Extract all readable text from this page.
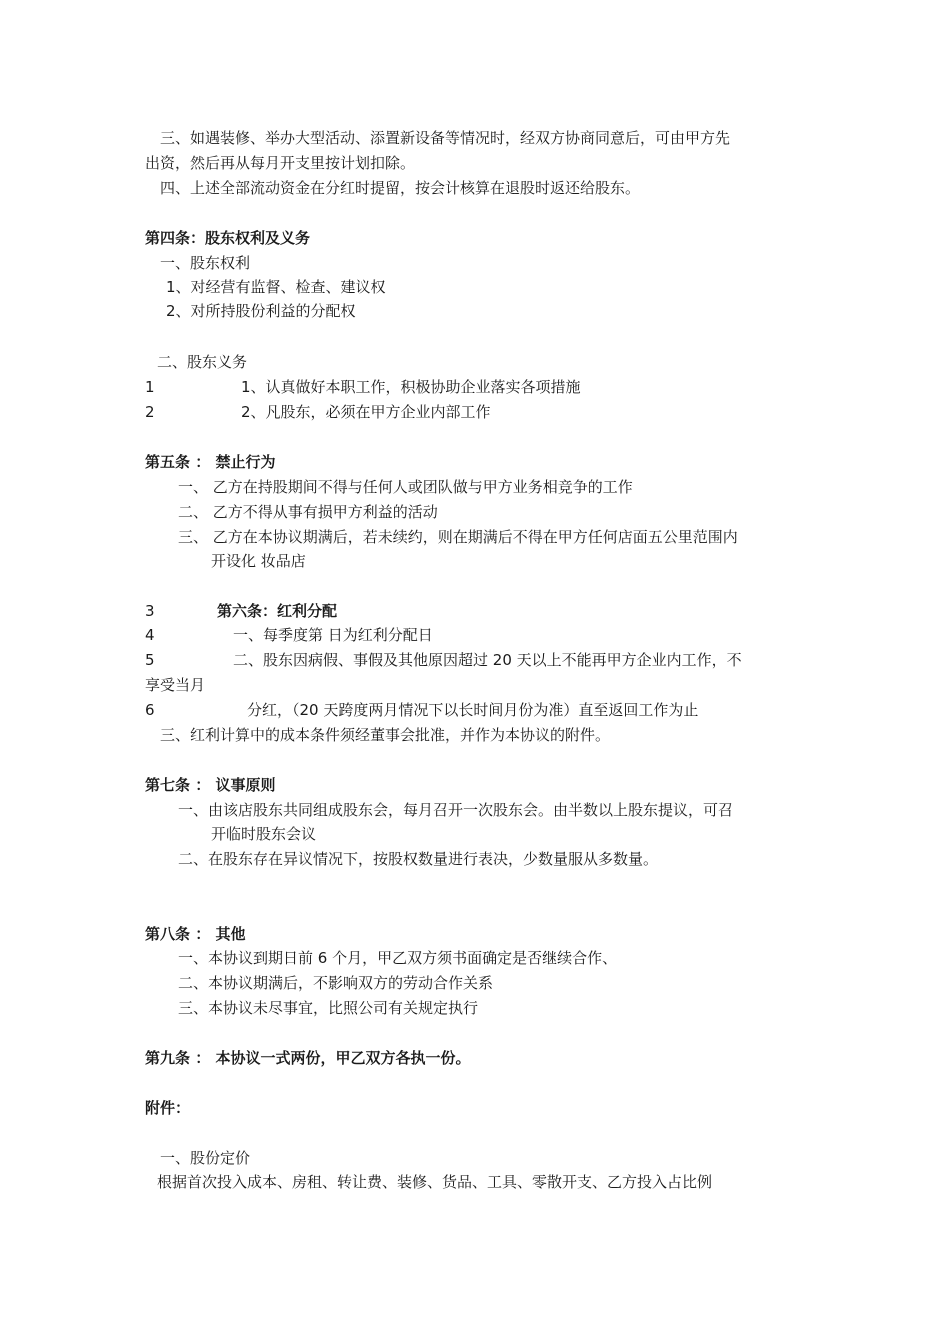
三、如遇装修、举办大型活动、添置新设备等情况时，经双方协商同意后，可由甲方先
出资，然后再从每月开支里按计划扣除。
四、上述全部流动资金在分红时提留，按会计核算在退股时返还给股东。
第四条：股东权利及义务
一、股东权利
1、对经营有监督、检查、建议权
2、对所持股份利益的分配权
二、股东义务
1	1、认真做好本职工作，积极协助企业落实各项措施
2	2、凡股东，必须在甲方企业内部工作
第五条 ： 禁止行为
一、 乙方在持股期间不得与任何人或团队做与甲方业务相竞争的工作
二、 乙方不得从事有损甲方利益的活动
三、 乙方在本协议期满后，若未续约，则在期满后不得在甲方任何店面五公里范围内
开设化 妆品店
3	第六条：红利分配
4	一、每季度第 日为红利分配日
5	二、股东因病假、事假及其他原因超过 20 天以上不能再甲方企业内工作，不
享受当月
6	分红，（20 天跨度两月情况下以长时间月份为准）直至返回工作为止
三、红利计算中的成本条件须经董事会批准，并作为本协议的附件。
第七条 ： 议事原则
一、由该店股东共同组成股东会，每月召开一次股东会。由半数以上股东提议，可召
开临时股东会议
二、在股东存在异议情况下，按股权数量进行表决，少数量服从多数量。
第八条 ： 其他
一、本协议到期日前 6 个月，甲乙双方须书面确定是否继续合作、
二、本协议期满后，不影响双方的劳动合作关系
三、本协议未尽事宜，比照公司有关规定执行
第九条 ： 本协议一式两份，甲乙双方各执一份。
附件：
一、股份定价
根据首次投入成本、房租、转让费、装修、货品、工具、零散开支、乙方投入占比例
